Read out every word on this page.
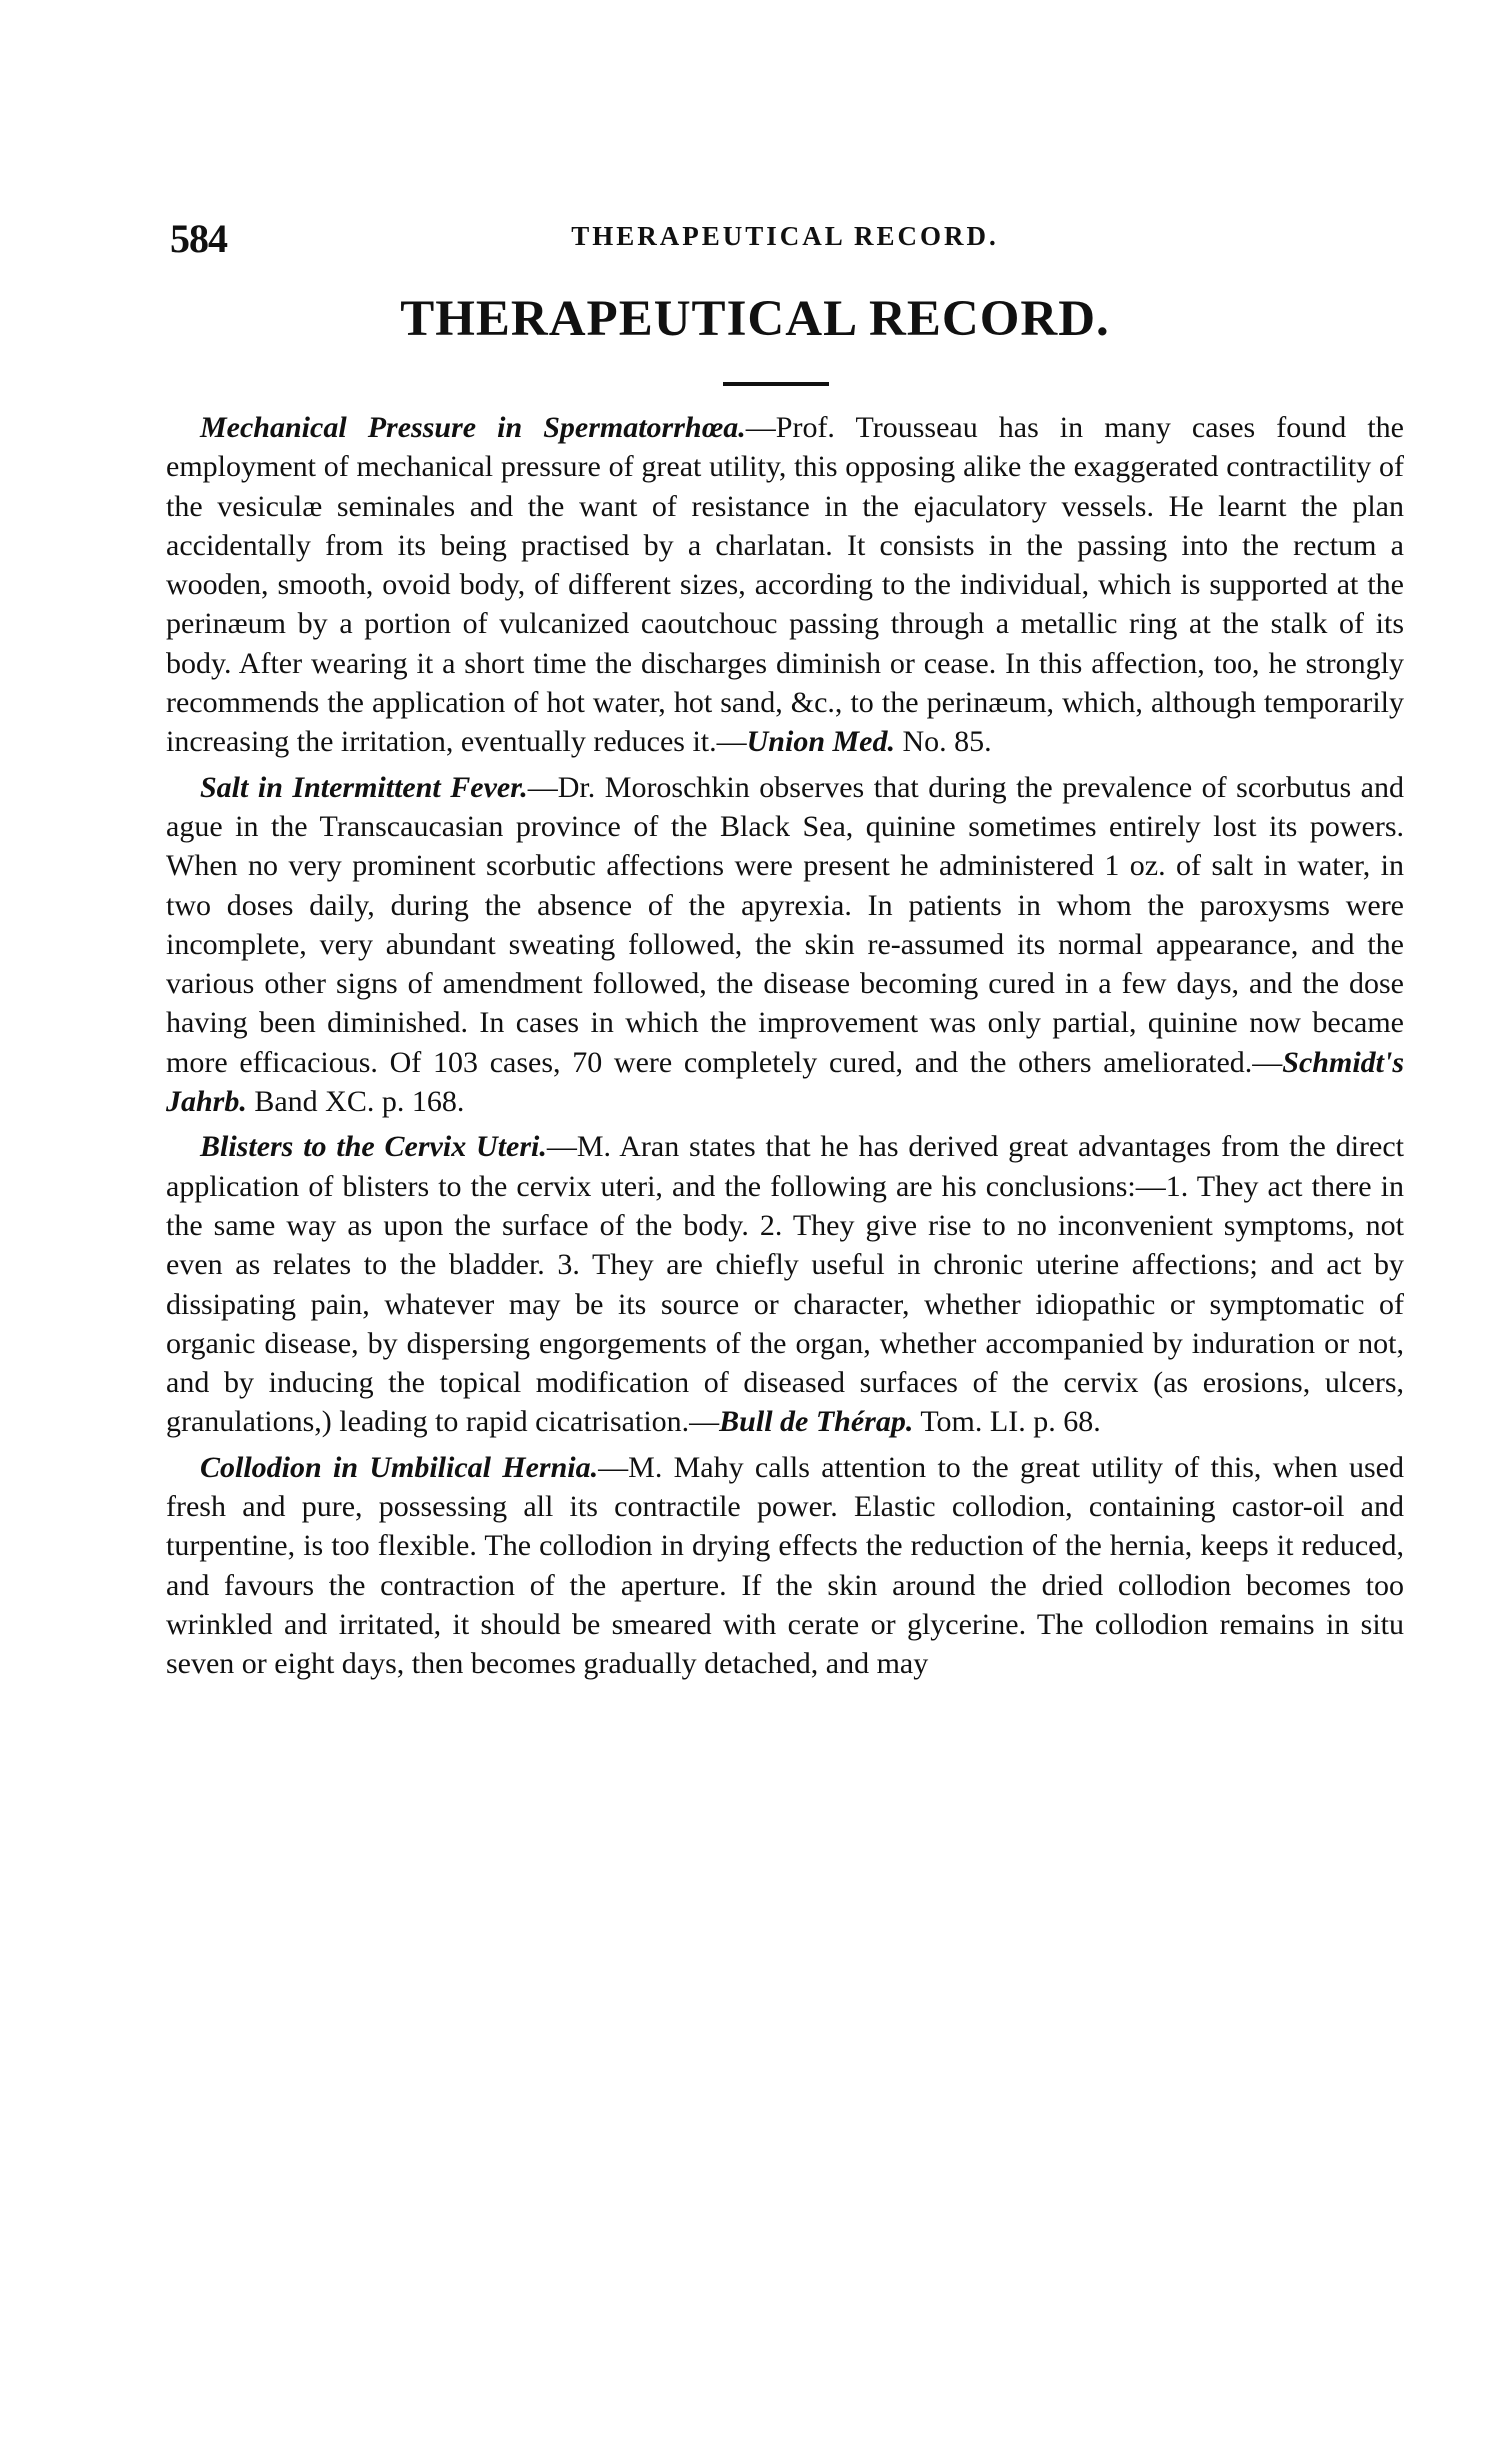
584	THERAPEUTICAL RECORD.
THERAPEUTICAL RECORD.

Mechanical Pressure in Spermatorrhœa.—Prof. Trousseau has in many cases found the employment of mechanical pressure of great utility, this opposing alike the exaggerated contractility of the vesiculæ seminales and the want of resistance in the ejaculatory vessels. He learnt the plan accidentally from its being practised by a charlatan. It consists in the passing into the rectum a wooden, smooth, ovoid body, of different sizes, according to the individual, which is supported at the perinæum by a portion of vulcanized caoutchouc passing through a metallic ring at the stalk of its body. After wearing it a short time the discharges diminish or cease. In this affection, too, he strongly recommends the application of hot water, hot sand, &c., to the perinæum, which, although temporarily increasing the irritation, eventually reduces it.—Union Med. No. 85.

Salt in Intermittent Fever.—Dr. Moroschkin observes that during the prevalence of scorbutus and ague in the Transcaucasian province of the Black Sea, quinine sometimes entirely lost its powers. When no very prominent scorbutic affections were present he administered 1 oz. of salt in water, in two doses daily, during the absence of the apyrexia. In patients in whom the paroxysms were incomplete, very abundant sweating followed, the skin re-assumed its normal appearance, and the various other signs of amendment followed, the disease becoming cured in a few days, and the dose having been diminished. In cases in which the improvement was only partial, quinine now became more efficacious. Of 103 cases, 70 were completely cured, and the others ameliorated.—Schmidt's Jahrb. Band XC. p. 168.

Blisters to the Cervix Uteri.—M. Aran states that he has derived great advantages from the direct application of blisters to the cervix uteri, and the following are his conclusions:—1. They act there in the same way as upon the surface of the body. 2. They give rise to no inconvenient symptoms, not even as relates to the bladder. 3. They are chiefly useful in chronic uterine affections; and act by dissipating pain, whatever may be its source or character, whether idiopathic or symptomatic of organic disease, by dispersing engorgements of the organ, whether accompanied by induration or not, and by inducing the topical modification of diseased surfaces of the cervix (as erosions, ulcers, granulations,) leading to rapid cicatrisation.—Bull de Thérap. Tom. LI. p. 68.

Collodion in Umbilical Hernia.—M. Mahy calls attention to the great utility of this, when used fresh and pure, possessing all its contractile power. Elastic collodion, containing castor-oil and turpentine, is too flexible. The collodion in drying effects the reduction of the hernia, keeps it reduced, and favours the contraction of the aperture. If the skin around the dried collodion becomes too wrinkled and irritated, it should be smeared with cerate or glycerine. The collodion remains in situ seven or eight days, then becomes gradually detached, and may
